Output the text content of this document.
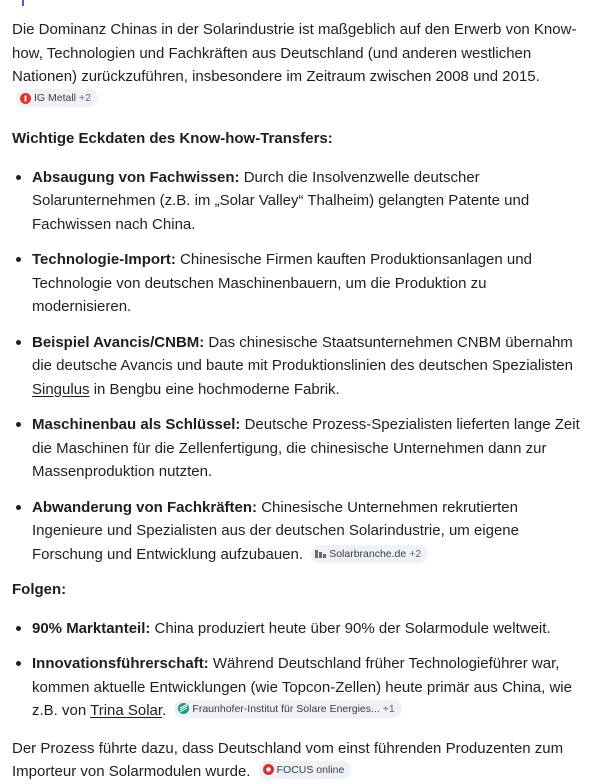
Die Dominanz Chinas in der Solarindustrie ist maßgeblich auf den Erwerb von Know-how, Technologien und Fachkräften aus Deutschland (und anderen westlichen Nationen) zurückzuführen, insbesondere im Zeitraum zwischen 2008 und 2015.
IG Metall +2

Wichtige Eckdaten des Know-how-Transfers:

Absaugung von Fachwissen: Durch die Insolvenzwelle deutscher Solarunternehmen (z.B. im „Solar Valley“ Thalheim) gelangten Patente und Fachwissen nach China.
Technologie-Import: Chinesische Firmen kauften Produktionsanlagen und Technologie von deutschen Maschinenbauern, um die Produktion zu modernisieren.
Beispiel Avancis/CNBM: Das chinesische Staatsunternehmen CNBM übernahm die deutsche Avancis und baute mit Produktionslinien des deutschen Spezialisten Singulus in Bengbu eine hochmoderne Fabrik.
Maschinenbau als Schlüssel: Deutsche Prozess-Spezialisten lieferten lange Zeit die Maschinen für die Zellenfertigung, die chinesische Unternehmen dann zur Massenproduktion nutzten.
Abwanderung von Fachkräften: Chinesische Unternehmen rekrutierten Ingenieure und Spezialisten aus der deutschen Solarindustrie, um eigene Forschung und Entwicklung aufzubauen. Solarbranche.de +2

Folgen:

90% Marktanteil: China produziert heute über 90% der Solarmodule weltweit.
Innovationsführerschaft: Während Deutschland früher Technologieführer war, kommen aktuelle Entwicklungen (wie Topcon-Zellen) heute primär aus China, wie z.B. von Trina Solar. Fraunhofer-Institut für Solare Energies... +1

Der Prozess führte dazu, dass Deutschland vom einst führenden Produzenten zum Importeur von Solarmodulen wurde. FOCUS online
